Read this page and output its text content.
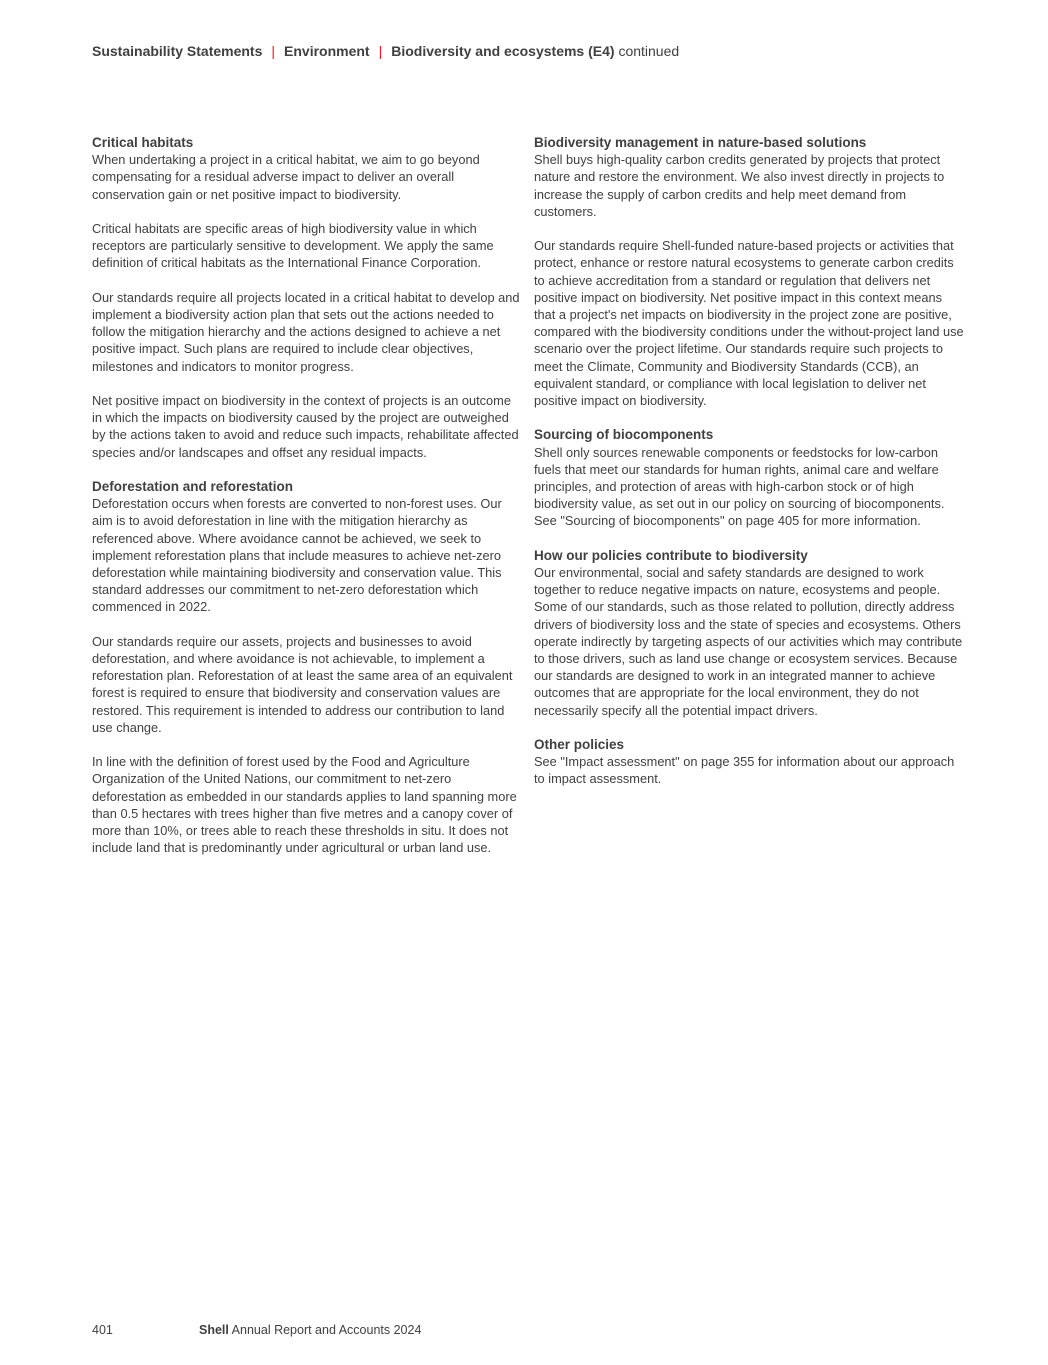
Sustainability Statements | Environment | Biodiversity and ecosystems (E4) continued
Critical habitats

When undertaking a project in a critical habitat, we aim to go beyond compensating for a residual adverse impact to deliver an overall conservation gain or net positive impact to biodiversity.

Critical habitats are specific areas of high biodiversity value in which receptors are particularly sensitive to development. We apply the same definition of critical habitats as the International Finance Corporation.

Our standards require all projects located in a critical habitat to develop and implement a biodiversity action plan that sets out the actions needed to follow the mitigation hierarchy and the actions designed to achieve a net positive impact. Such plans are required to include clear objectives, milestones and indicators to monitor progress.

Net positive impact on biodiversity in the context of projects is an outcome in which the impacts on biodiversity caused by the project are outweighed by the actions taken to avoid and reduce such impacts, rehabilitate affected species and/or landscapes and offset any residual impacts.

Deforestation and reforestation

Deforestation occurs when forests are converted to non-forest uses. Our aim is to avoid deforestation in line with the mitigation hierarchy as referenced above. Where avoidance cannot be achieved, we seek to implement reforestation plans that include measures to achieve net-zero deforestation while maintaining biodiversity and conservation value. This standard addresses our commitment to net-zero deforestation which commenced in 2022.

Our standards require our assets, projects and businesses to avoid deforestation, and where avoidance is not achievable, to implement a reforestation plan. Reforestation of at least the same area of an equivalent forest is required to ensure that biodiversity and conservation values are restored. This requirement is intended to address our contribution to land use change.

In line with the definition of forest used by the Food and Agriculture Organization of the United Nations, our commitment to net-zero deforestation as embedded in our standards applies to land spanning more than 0.5 hectares with trees higher than five metres and a canopy cover of more than 10%, or trees able to reach these thresholds in situ. It does not include land that is predominantly under agricultural or urban land use.

Biodiversity management in nature-based solutions

Shell buys high-quality carbon credits generated by projects that protect nature and restore the environment. We also invest directly in projects to increase the supply of carbon credits and help meet demand from customers.

Our standards require Shell-funded nature-based projects or activities that protect, enhance or restore natural ecosystems to generate carbon credits to achieve accreditation from a standard or regulation that delivers net positive impact on biodiversity. Net positive impact in this context means that a project's net impacts on biodiversity in the project zone are positive, compared with the biodiversity conditions under the without-project land use scenario over the project lifetime. Our standards require such projects to meet the Climate, Community and Biodiversity Standards (CCB), an equivalent standard, or compliance with local legislation to deliver net positive impact on biodiversity.

Sourcing of biocomponents

Shell only sources renewable components or feedstocks for low-carbon fuels that meet our standards for human rights, animal care and welfare principles, and protection of areas with high-carbon stock or of high biodiversity value, as set out in our policy on sourcing of biocomponents. See "Sourcing of biocomponents" on page 405 for more information.

How our policies contribute to biodiversity

Our environmental, social and safety standards are designed to work together to reduce negative impacts on nature, ecosystems and people. Some of our standards, such as those related to pollution, directly address drivers of biodiversity loss and the state of species and ecosystems. Others operate indirectly by targeting aspects of our activities which may contribute to those drivers, such as land use change or ecosystem services. Because our standards are designed to work in an integrated manner to achieve outcomes that are appropriate for the local environment, they do not necessarily specify all the potential impact drivers.

Other policies

See "Impact assessment" on page 355 for information about our approach to impact assessment.

401	Shell Annual Report and Accounts 2024
